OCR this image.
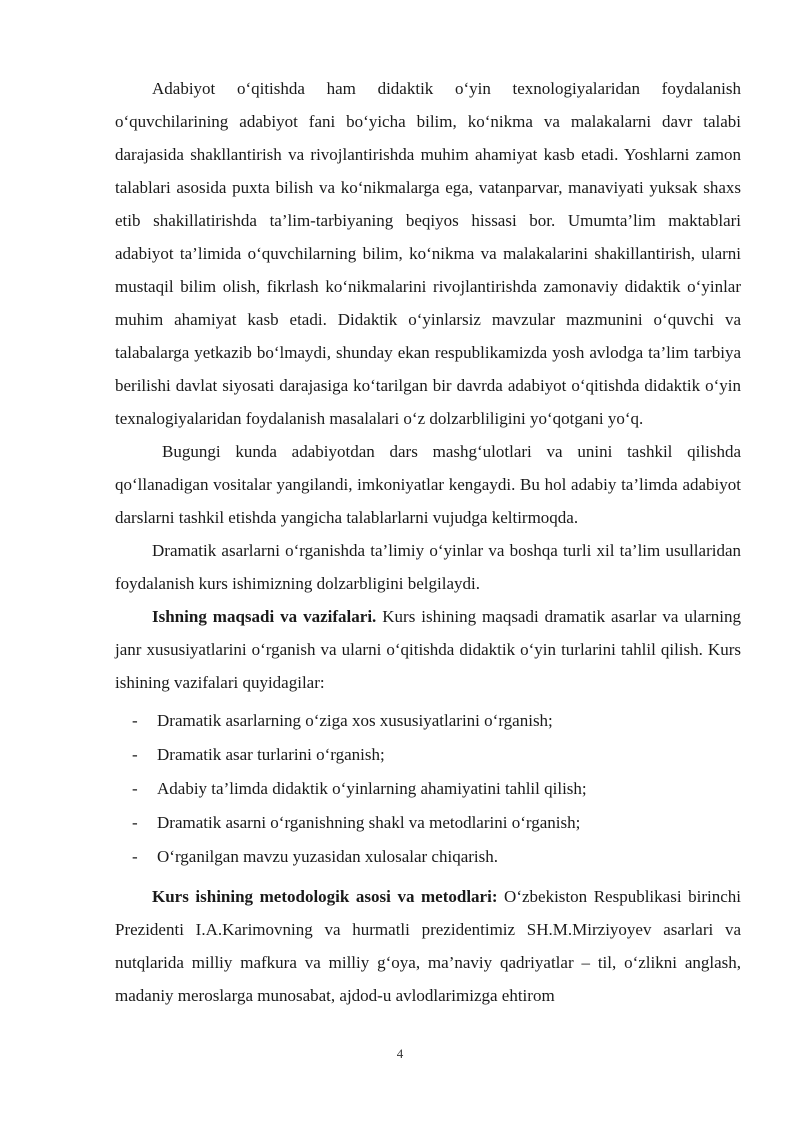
Adabiyot o‘qitishda ham didaktik o‘yin texnologiyalaridan foydalanish o‘quvchilarining adabiyot fani bo‘yicha bilim, ko‘nikma va malakalarni davr talabi darajasida shakllantirish va rivojlantirishda muhim ahamiyat kasb etadi. Yoshlarni zamon talablari asosida puxta bilish va ko‘nikmalarga ega, vatanparvar, manaviyati yuksak shaxs etib shakillatirishda ta’lim-tarbiyaning beqiyos hissasi bor. Umumta’lim maktablari adabiyot ta’limida o‘quvchilarning bilim, ko‘nikma va malakalarini shakillantirish, ularni mustaqil bilim olish, fikrlash ko‘nikmalarini rivojlantirishda zamonaviy didaktik o‘yinlar muhim ahamiyat kasb etadi. Didaktik o‘yinlarsiz mavzular mazmunini o‘quvchi va talabalarga yetkazib bo‘lmaydi, shunday ekan respublikamizda yosh avlodga ta’lim tarbiya berilishi davlat siyosati darajasiga ko‘tarilgan bir davrda adabiyot o‘qitishda didaktik o‘yin texnalogiyalaridan foydalanish masalalari o‘z dolzarbliligini yo‘qotgani yo‘q.

Bugungi kunda adabiyotdan dars mashg‘ulotlari va unini tashkil qilishda qo‘llanadigan vositalar yangilandi, imkoniyatlar kengaydi. Bu hol adabiy ta’limda adabiyot darslarni tashkil etishda yangicha talablarlarni vujudga keltirmoqda.

Dramatik asarlarni o‘rganishda ta’limiy o‘yinlar va boshqa turli xil ta’lim usullaridan foydalanish kurs ishimizning dolzarbligini belgilaydi.

Ishning maqsadi va vazifalari. Kurs ishining maqsadi dramatik asarlar va ularning janr xususiyatlarini o‘rganish va ularni o‘qitishda didaktik o‘yin turlarini tahlil qilish. Kurs ishining vazifalari quyidagilar:

- Dramatik asarlarning o‘ziga xos xususiyatlarini o‘rganish;
- Dramatik asar turlarini o‘rganish;
- Adabiy ta’limda didaktik o‘yinlarning ahamiyatini tahlil qilish;
- Dramatik asarni o‘rganishning shakl va metodlarini o‘rganish;
- O‘rganilgan mavzu yuzasidan xulosalar chiqarish.

Kurs ishining metodologik asosi va metodlari: O‘zbekiston Respublikasi birinchi Prezidenti I.A.Karimovning va hurmatli prezidentimiz SH.M.Mirziyoyev asarlari va nutqlarida milliy mafkura va milliy g‘oya, ma’naviy qadriyatlar – til, o‘zlikni anglash, madaniy meroslarga munosabat, ajdod-u avlodlarimizga ehtirom

4
